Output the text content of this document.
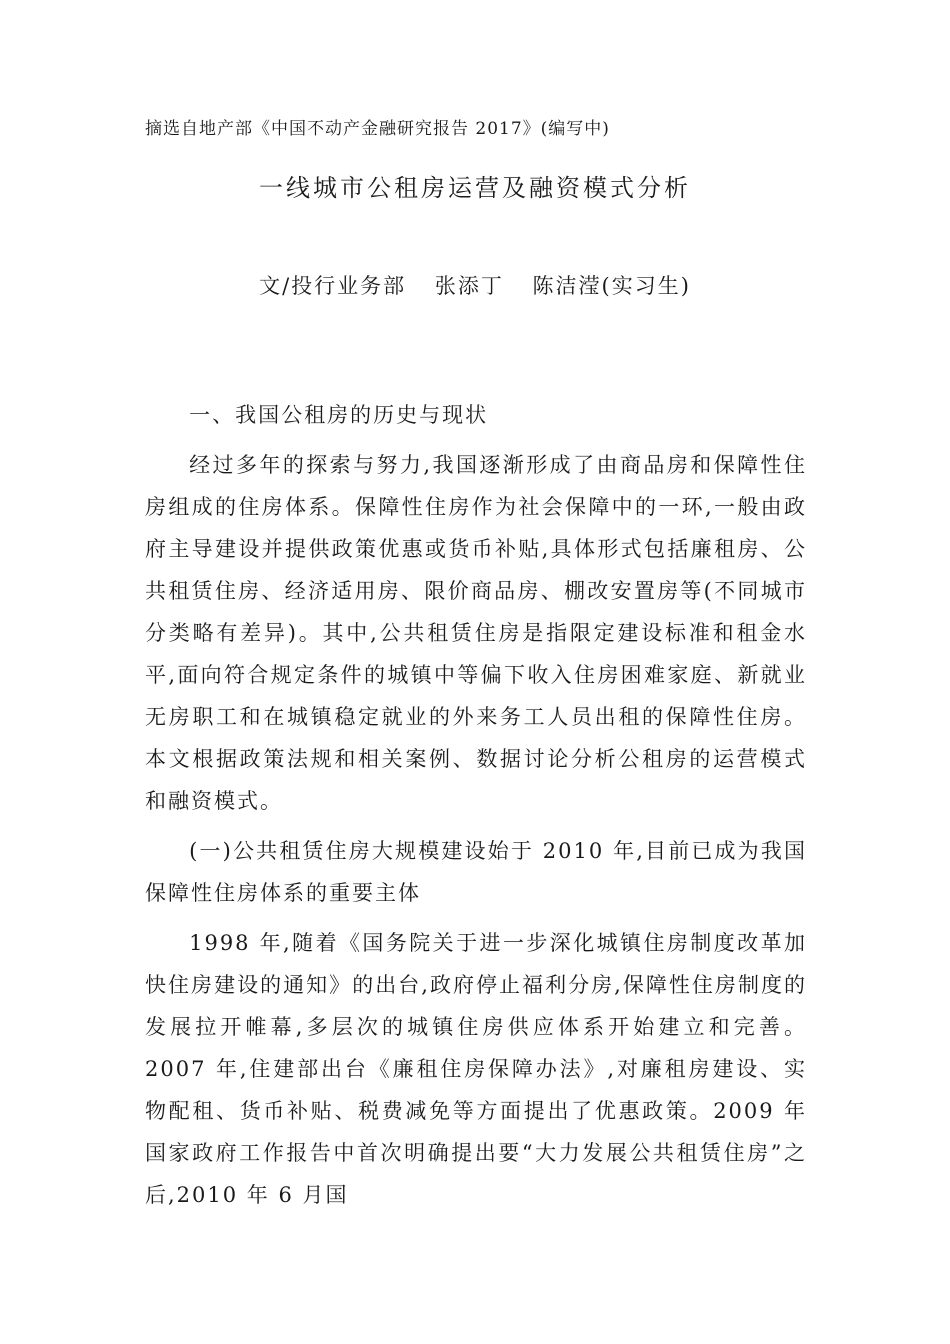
摘选自地产部《中国不动产金融研究报告 2017》(编写中)
一线城市公租房运营及融资模式分析
文/投行业务部 张添丁 陈洁滢(实习生)

一、我国公租房的历史与现状

经过多年的探索与努力,我国逐渐形成了由商品房和保障性住房组成的住房体系。保障性住房作为社会保障中的一环,一般由政府主导建设并提供政策优惠或货币补贴,具体形式包括廉租房、公共租赁住房、经济适用房、限价商品房、棚改安置房等(不同城市分类略有差异)。其中,公共租赁住房是指限定建设标准和租金水平,面向符合规定条件的城镇中等偏下收入住房困难家庭、新就业无房职工和在城镇稳定就业的外来务工人员出租的保障性住房。本文根据政策法规和相关案例、数据讨论分析公租房的运营模式和融资模式。

(一)公共租赁住房大规模建设始于 2010 年,目前已成为我国保障性住房体系的重要主体

1998 年,随着《国务院关于进一步深化城镇住房制度改革加快住房建设的通知》的出台,政府停止福利分房,保障性住房制度的发展拉开帷幕,多层次的城镇住房供应体系开始建立和完善。2007 年,住建部出台《廉租住房保障办法》,对廉租房建设、实物配租、货币补贴、税费减免等方面提出了优惠政策。2009 年国家政府工作报告中首次明确提出要“大力发展公共租赁住房”之后,2010 年 6 月国
